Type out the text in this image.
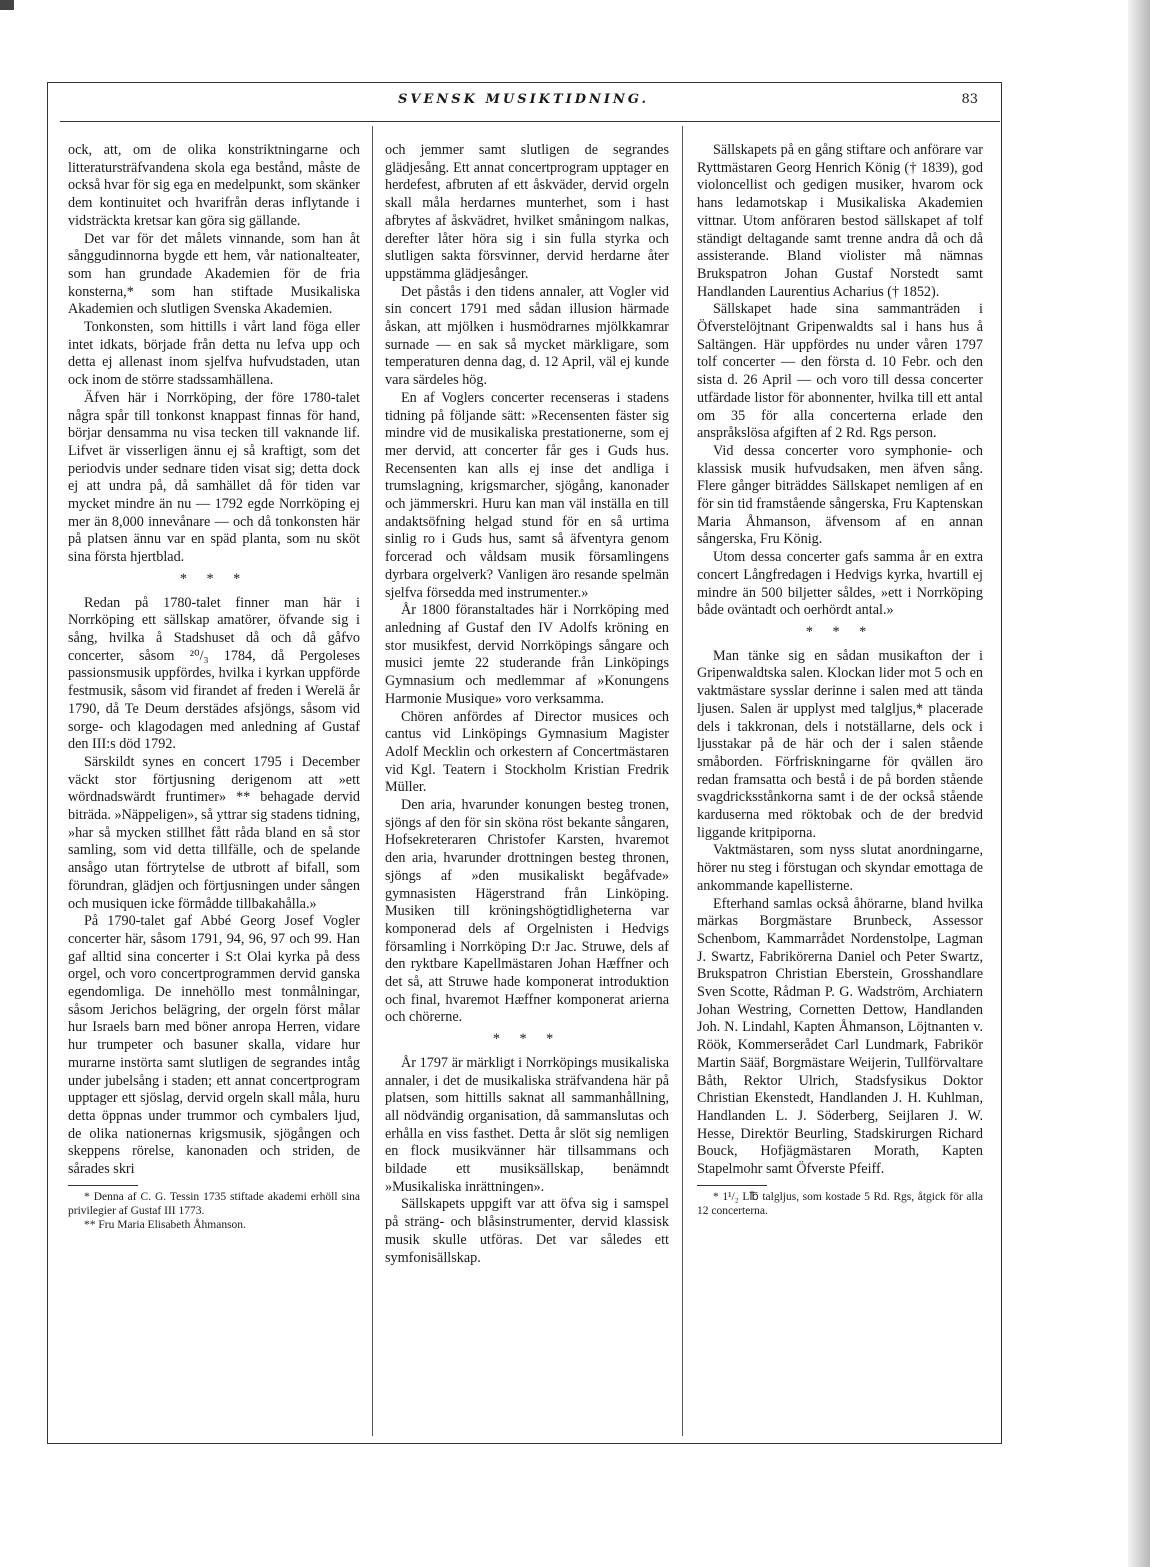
SVENSK MUSIKTIDNING.	83

ock, att, om de olika konstriktningarne och litteratursträfvandena skola ega bestånd, måste de också hvar för sig ega en medelpunkt, som skänker dem kontinuitet och hvarifrån deras inflytande i vidsträckta kretsar kan göra sig gällande.

Det var för det målets vinnande, som han åt sånggudinnorna bygde ett hem, vår nationalteater, som han grundade Akademien för de fria konsterna,* som han stiftade Musikaliska Akademien och slutligen Svenska Akademien.

Tonkonsten, som hittills i vårt land föga eller intet idkats, började från detta nu lefva upp och detta ej allenast inom sjelfva hufvudstaden, utan ock inom de större stadssamhällena.

Äfven här i Norrköping, der före 1780-talet några spår till tonkonst knappast finnas för hand, börjar densamma nu visa tecken till vaknande lif. Lifvet är visserligen ännu ej så kraftigt, som det periodvis under sednare tiden visat sig; detta dock ej att undra på, då samhället då för tiden var mycket mindre än nu — 1792 egde Norrköping ej mer än 8,000 innevånare — och då tonkonsten här på platsen ännu var en späd planta, som nu sköt sina första hjertblad.

* * *

Redan på 1780-talet finner man här i Norrköping ett sällskap amatörer, öfvande sig i sång, hvilka å Stadshuset då och då gåfvo concerter, såsom ²⁰/₃ 1784, då Pergoleses passionsmusik uppfördes, hvilka i kyrkan uppförde festmusik, såsom vid firandet af freden i Werelä år 1790, då Te Deum derstädes afsjöngs, såsom vid sorge- och klagodagen med anledning af Gustaf den III:s död 1792.

Särskildt synes en concert 1795 i December väckt stor förtjusning derigenom att »ett wördnadswärdt fruntimer» ** behagade dervid biträda. »Näppeligen», så yttrar sig stadens tidning, »har så mycken stillhet fått råda bland en så stor samling, som vid detta tillfälle, och de spelande ansågo utan förtrytelse de utbrott af bifall, som förundran, glädjen och förtjusningen under sången och musiquen icke förmådde tillbakahålla.»

På 1790-talet gaf Abbé Georg Josef Vogler concerter här, såsom 1791, 94, 96, 97 och 99. Han gaf alltid sina concerter i S:t Olai kyrka på dess orgel, och voro concertprogrammen dervid ganska egendomliga. De innehöllo mest tonmålningar, såsom Jerichos belägring, der orgeln först målar hur Israels barn med böner anropa Herren, vidare hur trumpeter och basuner skalla, vidare hur murarne instörta samt slutligen de segrandes intåg under jubelsång i staden; ett annat concertprogram upptager ett sjöslag, dervid orgeln skall måla, huru detta öppnas under trummor och cymbalers ljud, de olika nationernas krigsmusik, sjögången och skeppens rörelse, kanonaden och striden, de sårades skri

* Denna af C. G. Tessin 1735 stiftade akademi erhöll sina privilegier af Gustaf III 1773.

** Fru Maria Elisabeth Åhmanson.

och jemmer samt slutligen de segrandes glädjesång. Ett annat concertprogram upptager en herdefest, afbruten af ett åskväder, dervid orgeln skall måla herdarnes munterhet, som i hast afbrytes af åskvädret, hvilket småningom nalkas, derefter låter höra sig i sin fulla styrka och slutligen sakta försvinner, dervid herdarne åter uppstämma glädjesånger.

Det påstås i den tidens annaler, att Vogler vid sin concert 1791 med sådan illusion härmade åskan, att mjölken i husmödrarnes mjölkkamrar surnade — en sak så mycket märkligare, som temperaturen denna dag, d. 12 April, väl ej kunde vara särdeles hög.

En af Voglers concerter recenseras i stadens tidning på följande sätt: »Recensenten fäster sig mindre vid de musikaliska prestationerne, som ej mer dervid, att concerter får ges i Guds hus. Recensenten kan alls ej inse det andliga i trumslagning, krigsmarcher, sjögång, kanonader och jämmerskri. Huru kan man väl inställa en till andaktsöfning helgad stund för en så urtima sinlig ro i Guds hus, samt så äfventyra genom forcerad och våldsam musik församlingens dyrbara orgelverk? Vanligen äro resande spelmän sjelfva försedda med instrumenter.»

År 1800 föranstaltades här i Norrköping med anledning af Gustaf den IV Adolfs kröning en stor musikfest, dervid Norrköpings sångare och musici jemte 22 studerande från Linköpings Gymnasium och medlemmar af »Konungens Harmonie Musique» voro verksamma.

Chören anfördes af Director musices och cantus vid Linköpings Gymnasium Magister Adolf Mecklin och orkestern af Concertmästaren vid Kgl. Teatern i Stockholm Kristian Fredrik Müller.

Den aria, hvarunder konungen besteg tronen, sjöngs af den för sin sköna röst bekante sångaren, Hofsekreteraren Christofer Karsten, hvaremot den aria, hvarunder drottningen besteg thronen, sjöngs af »den musikaliskt begåfvade» gymnasisten Hägerstrand från Linköping. Musiken till kröningshögtidligheterna var komponerad dels af Orgelnisten i Hedvigs församling i Norrköping D:r Jac. Struwe, dels af den ryktbare Kapellmästaren Johan Hæffner och det så, att Struwe hade komponerat introduktion och final, hvaremot Hæffner komponerat arierna och chörerne.

* * *

År 1797 är märkligt i Norrköpings musikaliska annaler, i det de musikaliska sträfvandena här på platsen, som hittills saknat all sammanhållning, all nödvändig organisation, då sammanslutas och erhålla en viss fasthet. Detta år slöt sig nemligen en flock musikvänner här tillsammans och bildade ett musiksällskap, benämndt »Musikaliska inrättningen».

Sällskapets uppgift var att öfva sig i samspel på sträng- och blåsinstrumenter, dervid klassisk musik skulle utföras. Det var således ett symfonisällskap.

Sällskapets på en gång stiftare och anförare var Ryttmästaren Georg Henrich König († 1839), god violoncellist och gedigen musiker, hvarom ock hans ledamotskap i Musikaliska Akademien vittnar. Utom anföraren bestod sällskapet af tolf ständigt deltagande samt trenne andra då och då assisterande. Bland violister må nämnas Brukspatron Johan Gustaf Norstedt samt Handlanden Laurentius Acharius († 1852).

Sällskapet hade sina sammanträden i Öfverstelöjtnant Gripenwaldts sal i hans hus å Saltängen. Här uppfördes nu under våren 1797 tolf concerter — den första d. 10 Febr. och den sista d. 26 April — och voro till dessa concerter utfärdade listor för abonnenter, hvilka till ett antal om 35 för alla concerterna erlade den anspråkslösa afgiften af 2 Rd. Rgs person.

Vid dessa concerter voro symphonie- och klassisk musik hufvudsaken, men äfven sång. Flere gånger biträddes Sällskapet nemligen af en för sin tid framstående sångerska, Fru Kaptenskan Maria Åhmanson, äfvensom af en annan sångerska, Fru König.

Utom dessa concerter gafs samma år en extra concert Långfredagen i Hedvigs kyrka, hvartill ej mindre än 500 biljetter såldes, »ett i Norrköping både oväntadt och oerhördt antal.»

* * *

Man tänke sig en sådan musikafton der i Gripenwaldtska salen. Klockan lider mot 5 och en vaktmästare sysslar derinne i salen med att tända ljusen. Salen är upplyst med talgljus,* placerade dels i takkronan, dels i notställarne, dels ock i ljusstakar på de här och der i salen stående småborden. Förfriskningarne för qvällen äro redan framsatta och bestå i de på borden stående svagdricksstånkorna samt i de der också stående karduserna med röktobak och de der bredvid liggande kritpiporna.

Vaktmästaren, som nyss slutat anordningarne, hörer nu steg i förstugan och skyndar emottaga de ankommande kapellisterne.

Efterhand samlas också åhörarne, bland hvilka märkas Borgmästare Brunbeck, Assessor Schenbom, Kammarrådet Nordenstolpe, Lagman J. Swartz, Fabrikörerna Daniel och Peter Swartz, Brukspatron Christian Eberstein, Grosshandlare Sven Scotte, Rådman P. G. Wadström, Archiatern Johan Westring, Cornetten Dettow, Handlanden Joh. N. Lindahl, Kapten Åhmanson, Löjtnanten v. Röök, Kommerserådet Carl Lundmark, Fabrikör Martin Sääf, Borgmästare Weijerin, Tullförvaltare Båth, Rektor Ulrich, Stadsfysikus Doktor Christian Ekenstedt, Handlanden J. H. Kuhlman, Handlanden L. J. Söderberg, Seijlaren J. W. Hesse, Direktör Beurling, Stadskirurgen Richard Bouck, Hofjägmästaren Morath, Kapten Stapelmohr samt Öfverste Pfeiff.

* 1¹/₂ L℔ talgljus, som kostade 5 Rd. Rgs, åtgick för alla 12 concerterna.
